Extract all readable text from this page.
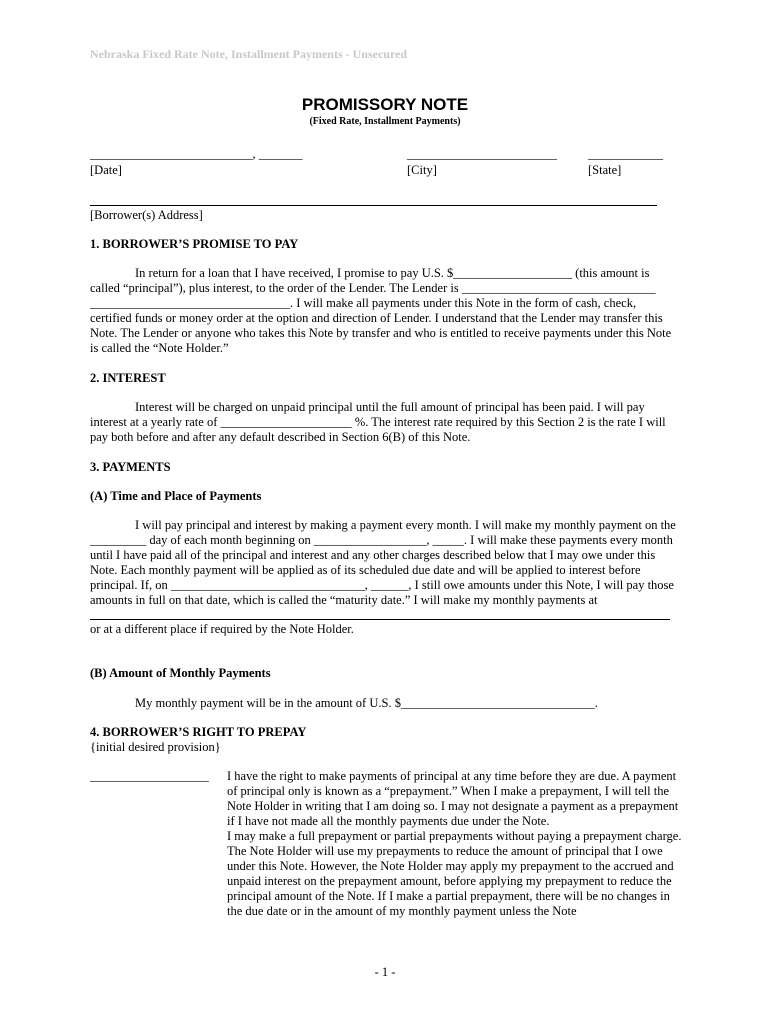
Nebraska Fixed Rate Note, Installment Payments - Unsecured
PROMISSORY NOTE
(Fixed Rate, Installment Payments)
__________________________, _______
[Date]
________________________
[City]
____________
[State]
[Borrower(s) Address]
1. BORROWER’S PROMISE TO PAY
In return for a loan that I have received, I promise to pay U.S. $___________________ (this amount is called “principal”), plus interest, to the order of the Lender. The Lender is _______________________________ ________________________________. I will make all payments under this Note in the form of cash, check, certified funds or money order at the option and direction of Lender. I understand that the Lender may transfer this Note. The Lender or anyone who takes this Note by transfer and who is entitled to receive payments under this Note is called the “Note Holder.”
2. INTEREST
Interest will be charged on unpaid principal until the full amount of principal has been paid. I will pay interest at a yearly rate of _____________________ %. The interest rate required by this Section 2 is the rate I will pay both before and after any default described in Section 6(B) of this Note.
3. PAYMENTS
(A) Time and Place of Payments
I will pay principal and interest by making a payment every month. I will make my monthly payment on the _________ day of each month beginning on __________________, _____. I will make these payments every month until I have paid all of the principal and interest and any other charges described below that I may owe under this Note. Each monthly payment will be applied as of its scheduled due date and will be applied to interest before principal. If, on _______________________________, ______, I still owe amounts under this Note, I will pay those amounts in full on that date, which is called the “maturity date.” I will make my monthly payments at
or at a different place if required by the Note Holder.
(B) Amount of Monthly Payments
My monthly payment will be in the amount of U.S. $_______________________________.
4. BORROWER’S RIGHT TO PREPAY
{initial desired provision}
___________________ I have the right to make payments of principal at any time before they are due. A payment of principal only is known as a “prepayment.” When I make a prepayment, I will tell the Note Holder in writing that I am doing so. I may not designate a payment as a prepayment if I have not made all the monthly payments due under the Note.
I may make a full prepayment or partial prepayments without paying a prepayment charge. The Note Holder will use my prepayments to reduce the amount of principal that I owe under this Note. However, the Note Holder may apply my prepayment to the accrued and unpaid interest on the prepayment amount, before applying my prepayment to reduce the principal amount of the Note. If I make a partial prepayment, there will be no changes in the due date or in the amount of my monthly payment unless the Note
- 1 -
